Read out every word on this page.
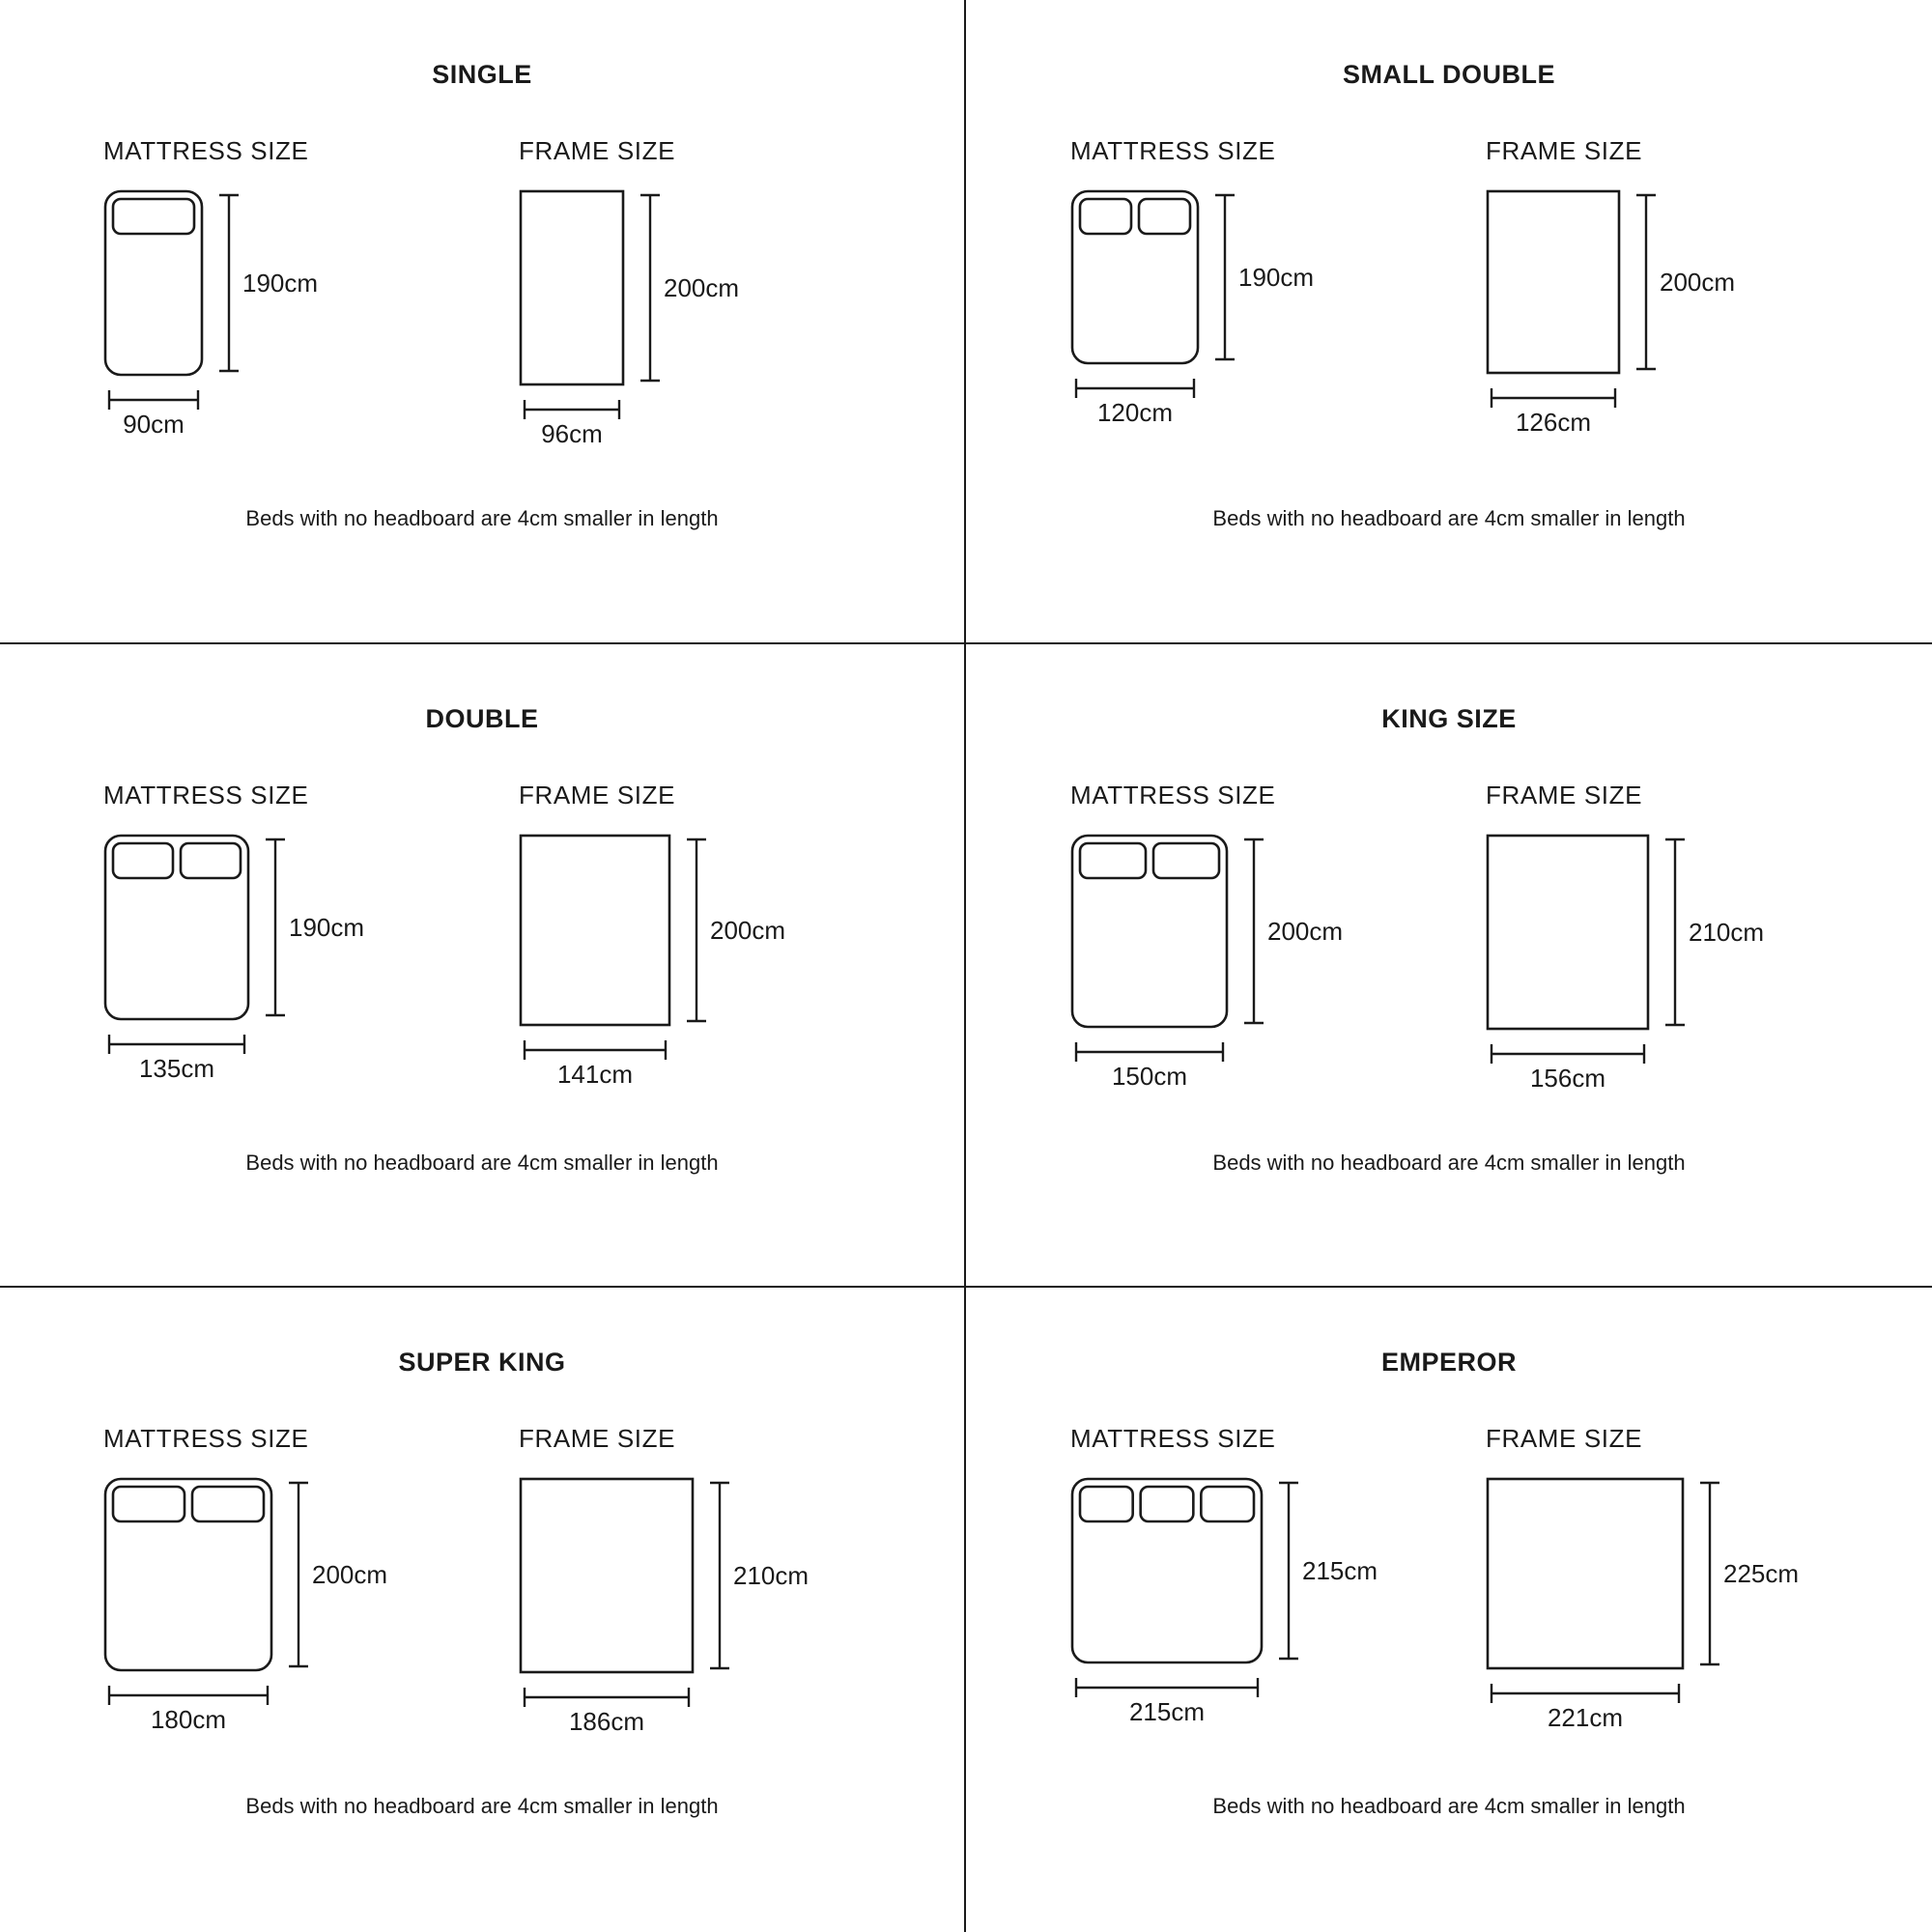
SINGLE
MATTRESS SIZE
190cm
90cm
FRAME SIZE
200cm
96cm
Beds with no headboard are 4cm smaller in length
SMALL DOUBLE
MATTRESS SIZE
190cm
120cm
FRAME SIZE
200cm
126cm
Beds with no headboard are 4cm smaller in length
DOUBLE
MATTRESS SIZE
190cm
135cm
FRAME SIZE
200cm
141cm
Beds with no headboard are 4cm smaller in length
KING SIZE
MATTRESS SIZE
200cm
150cm
FRAME SIZE
210cm
156cm
Beds with no headboard are 4cm smaller in length
SUPER KING
MATTRESS SIZE
200cm
180cm
FRAME SIZE
210cm
186cm
Beds with no headboard are 4cm smaller in length
EMPEROR
MATTRESS SIZE
215cm
215cm
FRAME SIZE
225cm
221cm
Beds with no headboard are 4cm smaller in length
